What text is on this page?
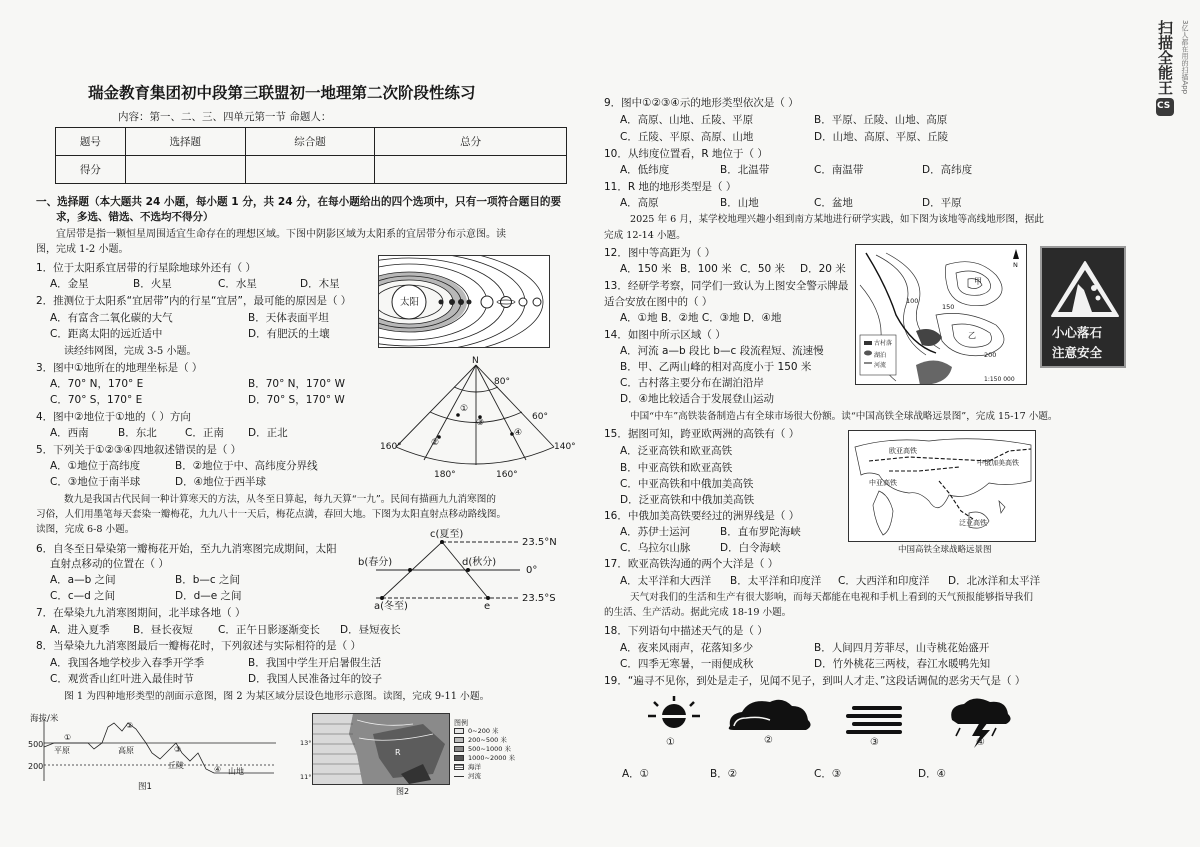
瑞金教育集团初中段第三联盟初一地理第二次阶段性练习
内容：第一、二、三、四单元第一节 命题人：
题号	选择题	综合题	总分
得分			
一、选择题（本大题共 24 小题，每小题 1 分，共 24 分，在每小题给出的四个选项中，只有一项符合题目的要
求，多选、错选、不选均不得分）
宜居带是指一颗恒星周围适宜生命存在的理想区域。下图中阴影区域为太阳系的宜居带分布示意图。读
图，完成 1-2 小题。
1．位于太阳系宜居带的行星除地球外还有（ ）
A．金星	B．火星	C．水星	D．木星
2．推测位于太阳系“宜居带”内的行星“宜居”，最可能的原因是（ ）
A．有富含二氧化碳的大气	B．天体表面平坦
C．距离太阳的远近适中	D．有肥沃的土壤
读经纬网图，完成 3-5 小题。
3．图中①地所在的地理坐标是（ ）
A．70° N，170° E	B．70° N，170° W
C．70° S，170° E	D．70° S，170° W
4．图中②地位于①地的（ ）方向
A．西南	B．东北	C．正南 D．正北
5．下列关于①②③④四地叙述错误的是（ ）
A．①地位于高纬度	B．②地位于中、高纬度分界线
C．③地位于南半球	D．④地位于西半球
数九是我国古代民间一种计算寒天的方法，从冬至日算起，每九天算“一九”。民间有描画九九消寒图的
习俗，人们用墨笔每天套染一瓣梅花，九九八十一天后，梅花点満，春回大地。下图为太阳直射点移动路线图。
读图，完成 6-8 小题。
6．自冬至日晕染第一瓣梅花开始，至九九消寒图完成期间，太阳
直射点移动的位置在（ ）
A．a—b 之间	B．b—c 之间
C．c—d 之间	D．d—e 之间
7．在晕染九九消寒图期间，北半球各地（ ）
A．进入夏季 B．昼长夜短 C．正午日影逐渐变长 D．昼短夜长
8．当晕染九九消寒图最后一瓣梅花时，下列叙述与实际相符的是（ ）
A．我国各地学校步入春季开学季	B．我国中学生开启暑假生活
C．观赏香山红叶进入最佳时节	D．我国人民准备过年的饺子
图 1 为四种地形类型的剖面示意图，图 2 为某区域分层设色地形示意图。读图，完成 9-11 小题。
太阳
N
80°
60°
160°	140°
180°	160°
①
②
③
④
c(夏至)
b(春分)	d(秋分)
a(冬至)	e
23.5°N
0°
23.5°S
海拔/米
500
200
①
②
③
④
平原	高原
丘陵
山地
图1
R
13°
11°
图例
0~200 米
200~500 米
500~1000 米
1000~2000 米
海洋
河流
图2
9．图中①②③④示的地形类型依次是（ ）
A．高原、山地、丘陵、平原	B．平原、丘陵、山地、高原
C．丘陵、平原、高原、山地	D．山地、高原、平原、丘陵
10．从纬度位置看，R 地位于（ ）
A．低纬度	B．北温带	C．南温带	D．高纬度
11．R 地的地形类型是（ ）
A．高原	B．山地	C．盆地	D．平原
2025 年 6 月，某学校地理兴趣小组到南方某地进行研学实践，如下图为该地等高线地形图，据此
完成 12-14 小题。
12．图中等高距为（ ）
A．150 米 B．100 米 C．50 米 D．20 米
13．经研学考察，同学们一致认为上图安全警示牌最
适合安放在图中的（ ）
A．①地 B．②地 C．③地 D．④地
14．如图中所示区域（ ）
A．河流 a—b 段比 b—c 段流程短、流速慢
B．甲、乙两山峰的相对高度小于 150 米
C．古村落主要分布在湖泊沿岸
D．④地比较适合于发展登山运动
甲
乙
100
150
200
1:150 000
古村落
湖泊
河流
N
小心落石
注意安全
中国“中车”高铁装备制造占有全球市场很大份额。读“中国高铁全球战略远景图”，完成 15-17 小题。
15．据图可知，跨亚欧两洲的高铁有（ ）
A．泛亚高铁和欧亚高铁
B．中亚高铁和欧亚高铁
C．中亚高铁和中俄加美高铁
D．泛亚高铁和中俄加美高铁
16．中俄加美高铁要经过的洲界线是（ ）
A．苏伊士运河	B．直布罗陀海峡
C．乌拉尔山脉	D．白令海峡
欧亚高铁
中亚高铁
泛亚高铁
中俄加美高铁
中国高铁全球战略远景图
17．欧亚高铁沟通的两个大洋是（ ）
A．太平洋和大西洋 B．太平洋和印度洋 C．大西洋和印度洋 D．北冰洋和太平洋
天气对我们的生活和生产有很大影响，而每天都能在电视和手机上看到的天气预报能够指导我们
的生活、生产活动。据此完成 18-19 小题。
18．下列语句中描述天气的是（ ）
A．夜来风雨声，花落知多少	B．人间四月芳菲尽，山寺桃花始盛开
C．四季无寒暑，一雨便成秋	D．竹外桃花三两枝，春江水暖鸭先知
19．“遍寻不见你，到处是走子，见闻不见子，到叫人才走、”这段话调侃的恶劣天气是（ ）
①	②	③	④
A．①	B．②	C．③	D．④
CS
扫描全能王	3亿人都在用的扫描App
